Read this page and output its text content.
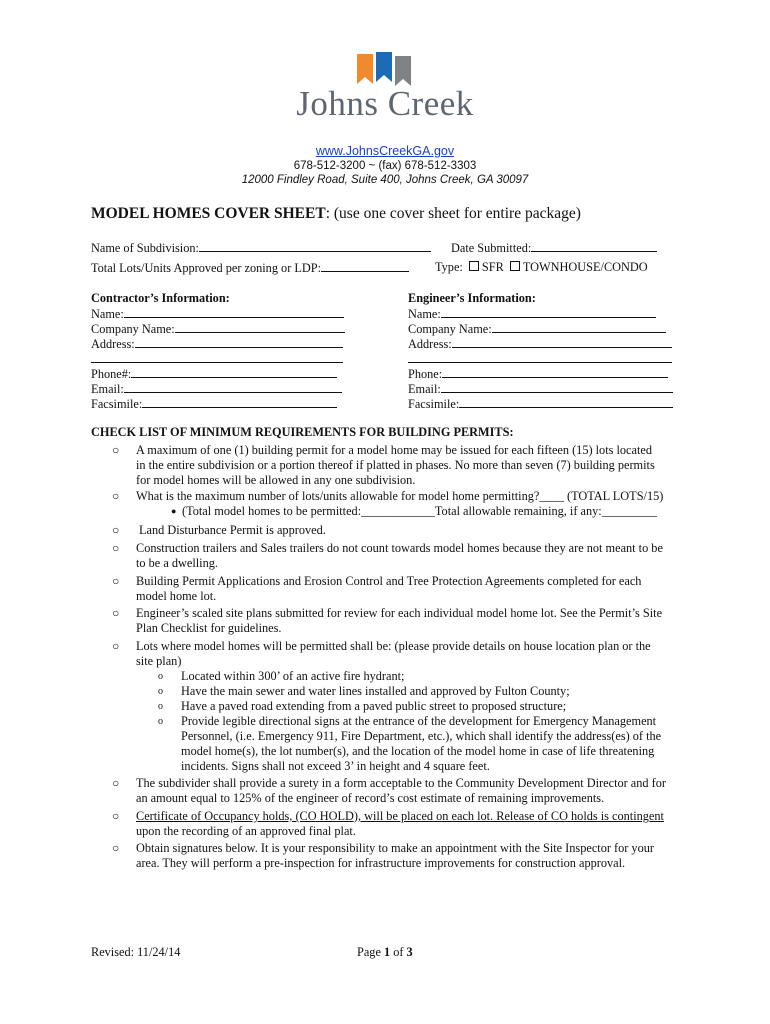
Johns Creek
www.JohnsCreekGA.gov
678-512-3200 ~ (fax) 678-512-3303
12000 Findley Road, Suite 400, Johns Creek, GA 30097
MODEL HOMES COVER SHEET: (use one cover sheet for entire package)
Name of Subdivision:	Date Submitted:
Total Lots/Units Approved per zoning or LDP:	Type: SFR TOWNHOUSE/CONDO
Contractor’s Information:
Name:
Company Name:
Address:
Phone#:
Email:
Facsimile:
Engineer’s Information:
Name:
Company Name:
Address:
Phone:
Email:
Facsimile:
CHECK LIST OF MINIMUM REQUIREMENTS FOR BUILDING PERMITS:
○ A maximum of one (1) building permit for a model home may be issued for each fifteen (15) lots located
in the entire subdivision or a portion thereof if platted in phases. No more than seven (7) building permits
for model homes will be allowed in any one subdivision.
○ What is the maximum number of lots/units allowable for model home permitting?____ (TOTAL LOTS/15)
● (Total model homes to be permitted:____________Total allowable remaining, if any:_________
○ Land Disturbance Permit is approved.
○ Construction trailers and Sales trailers do not count towards model homes because they are not meant to be
to be a dwelling.
○ Building Permit Applications and Erosion Control and Tree Protection Agreements completed for each
model home lot.
○ Engineer’s scaled site plans submitted for review for each individual model home lot. See the Permit’s Site
Plan Checklist for guidelines.
○ Lots where model homes will be permitted shall be: (please provide details on house location plan or the
site plan)
o Located within 300’ of an active fire hydrant;
o Have the main sewer and water lines installed and approved by Fulton County;
o Have a paved road extending from a paved public street to proposed structure;
o Provide legible directional signs at the entrance of the development for Emergency Management
Personnel, (i.e. Emergency 911, Fire Department, etc.), which shall identify the address(es) of the
model home(s), the lot number(s), and the location of the model home in case of life threatening
incidents. Signs shall not exceed 3’ in height and 4 square feet.
○ The subdivider shall provide a surety in a form acceptable to the Community Development Director and for
an amount equal to 125% of the engineer of record’s cost estimate of remaining improvements.
○ Certificate of Occupancy holds, (CO HOLD), will be placed on each lot. Release of CO holds is contingent
upon the recording of an approved final plat.
○ Obtain signatures below. It is your responsibility to make an appointment with the Site Inspector for your
area. They will perform a pre-inspection for infrastructure improvements for construction approval.
Revised: 11/24/14	Page 1 of 3
